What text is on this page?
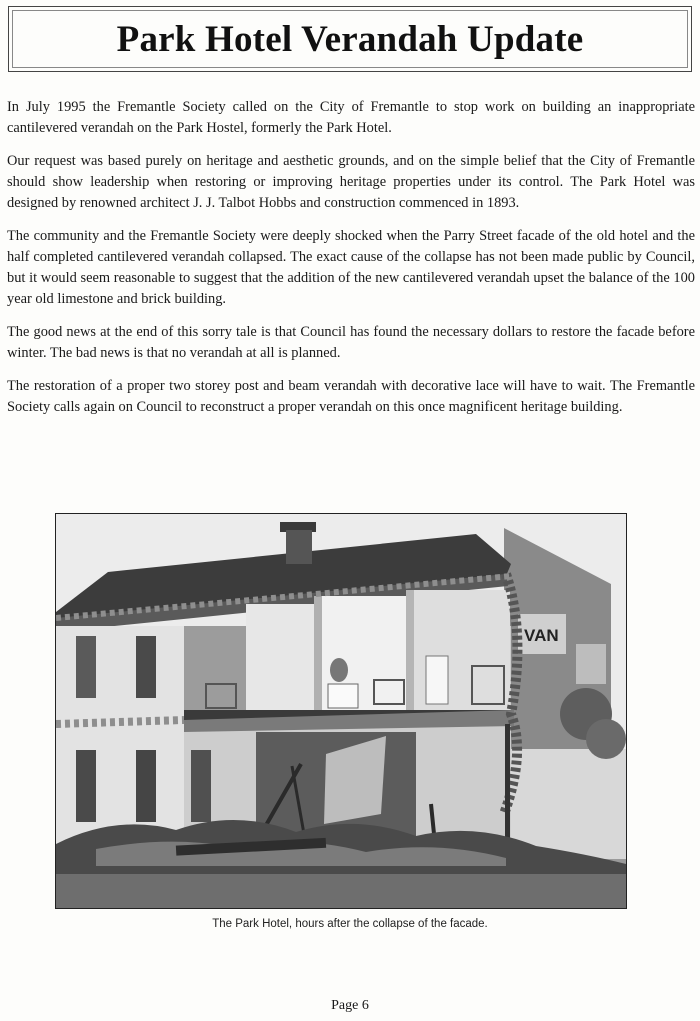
Park Hotel Verandah Update

In July 1995 the Fremantle Society called on the City of Fremantle to stop work on building an inappropriate cantilevered verandah on the Park Hostel, formerly the Park Hotel.

Our request was based purely on heritage and aesthetic grounds, and on the simple belief that the City of Fremantle should show leadership when restoring or improving heritage properties under its control. The Park Hotel was designed by renowned architect J. J. Talbot Hobbs and construction commenced in 1893.

The community and the Fremantle Society were deeply shocked when the Parry Street facade of the old hotel and the half completed cantilevered verandah collapsed. The exact cause of the collapse has not been made public by Council, but it would seem reasonable to suggest that the addition of the new cantilevered verandah upset the balance of the 100 year old limestone and brick building.

The good news at the end of this sorry tale is that Council has found the necessary dollars to restore the facade before winter. The bad news is that no verandah at all is planned.

The restoration of a proper two storey post and beam verandah with decorative lace will have to wait. The Fremantle Society calls again on Council to reconstruct a proper verandah on this once magnificent heritage building.

VAN
The Park Hotel, hours after the collapse of the facade.
Page 6
